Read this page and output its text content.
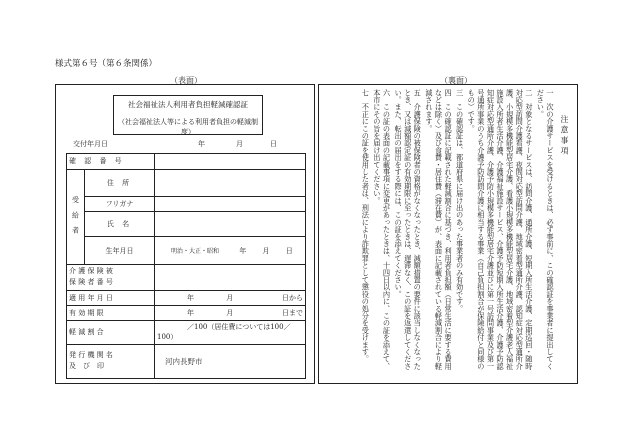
様式第６号（第６条関係）
（表面）	（裏面）
社会福祉法人利用者負担軽減確認証
（社会福祉法人等による利用者負担の軽減制度）
交付年月日	年	月	日
確 認 番 号		
受 給 者	住 所	
	フリガナ	
	氏 名	
	生年月日	明治・大正・昭和 年 月 日

介 護 保 険 被
保 険 者 番 号		

適 用 年 月 日		年 月 日から

有 効 期 限		年 月 日まで

軽 減 割 合		／100（居住費については100／100）

発 行 機 関 名
及　び　印		河内長野市
注 意 事 項

一　次の介護サービスを受けるときは、必ず事前に、この確認証を事業者に提出してください。

二　対象となるサービスは、訪問介護、通所介護、短期入所生活介護、定期巡回・随時対応型訪問介護看護、夜間対応型訪問介護、地域密着型通所介護、認知症対応型通所介護、小規模多機能型居宅介護、看護小規模多機能型居宅介護、地域密着型介護老人福祉施設入所者生活介護、介護福祉施設サービス、介護予防短期入所生活介護、介護予防認知症対応型通所介護、介護予防小規模多機能型居宅介護並びに第一号訪問事業及び第一号通所事業のうち介護予防訪問介護に相当する事業（自己負担割合が保険給付と同様のもの）です。

三　この確認証は、都道府県に届け出のあった事業者のみ有効です。

四　この確認証に記載された軽減割合に基づき、利用者負担額（日常生活に要する費用などは除く）及び食費・居住費（滞在費）が、表面に記載されている軽減割合により軽減されます。

五　介護保険の被保険者の資格がなくなったとき、減額措置の要件に該当しなくなったとき、又は減額認定証の有効期限に至ったときは、遅滞なく、この証を返還してください。また、転出の届出をする際には、この証を添えてください。

六　この証の表面の記載事項に変更があったときは、十四日以内に、この証を添えて、本市にその旨を届け出てください。

七　不正にこの証を使用した者は、刑法により詐欺罪として懲役の処分を受けます。
